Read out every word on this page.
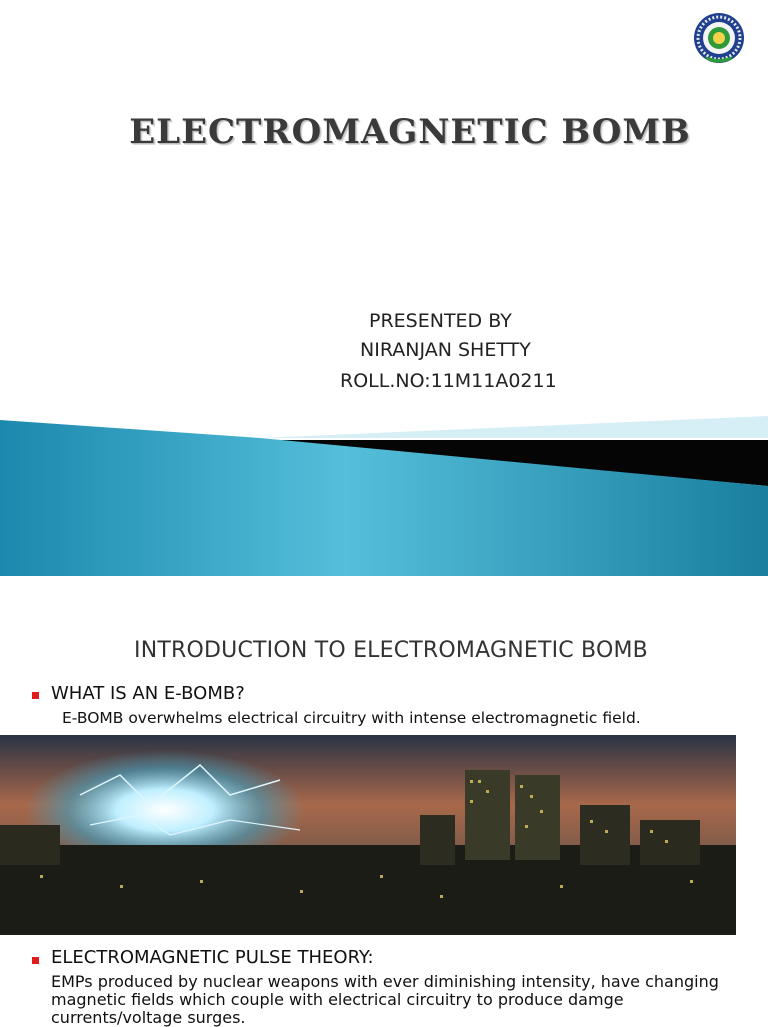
ELECTROMAGNETIC BOMB
PRESENTED BY
NIRANJAN SHETTY
ROLL.NO:11M11A0211
INTRODUCTION TO ELECTROMAGNETIC BOMB
WHAT IS AN E-BOMB?
E-BOMB overwhelms electrical circuitry with intense electromagnetic field.
ELECTROMAGNETIC PULSE THEORY:
EMPs produced by nuclear weapons with ever diminishing intensity, have changing magnetic fields which couple with electrical circuitry to produce damge currents/voltage surges.
